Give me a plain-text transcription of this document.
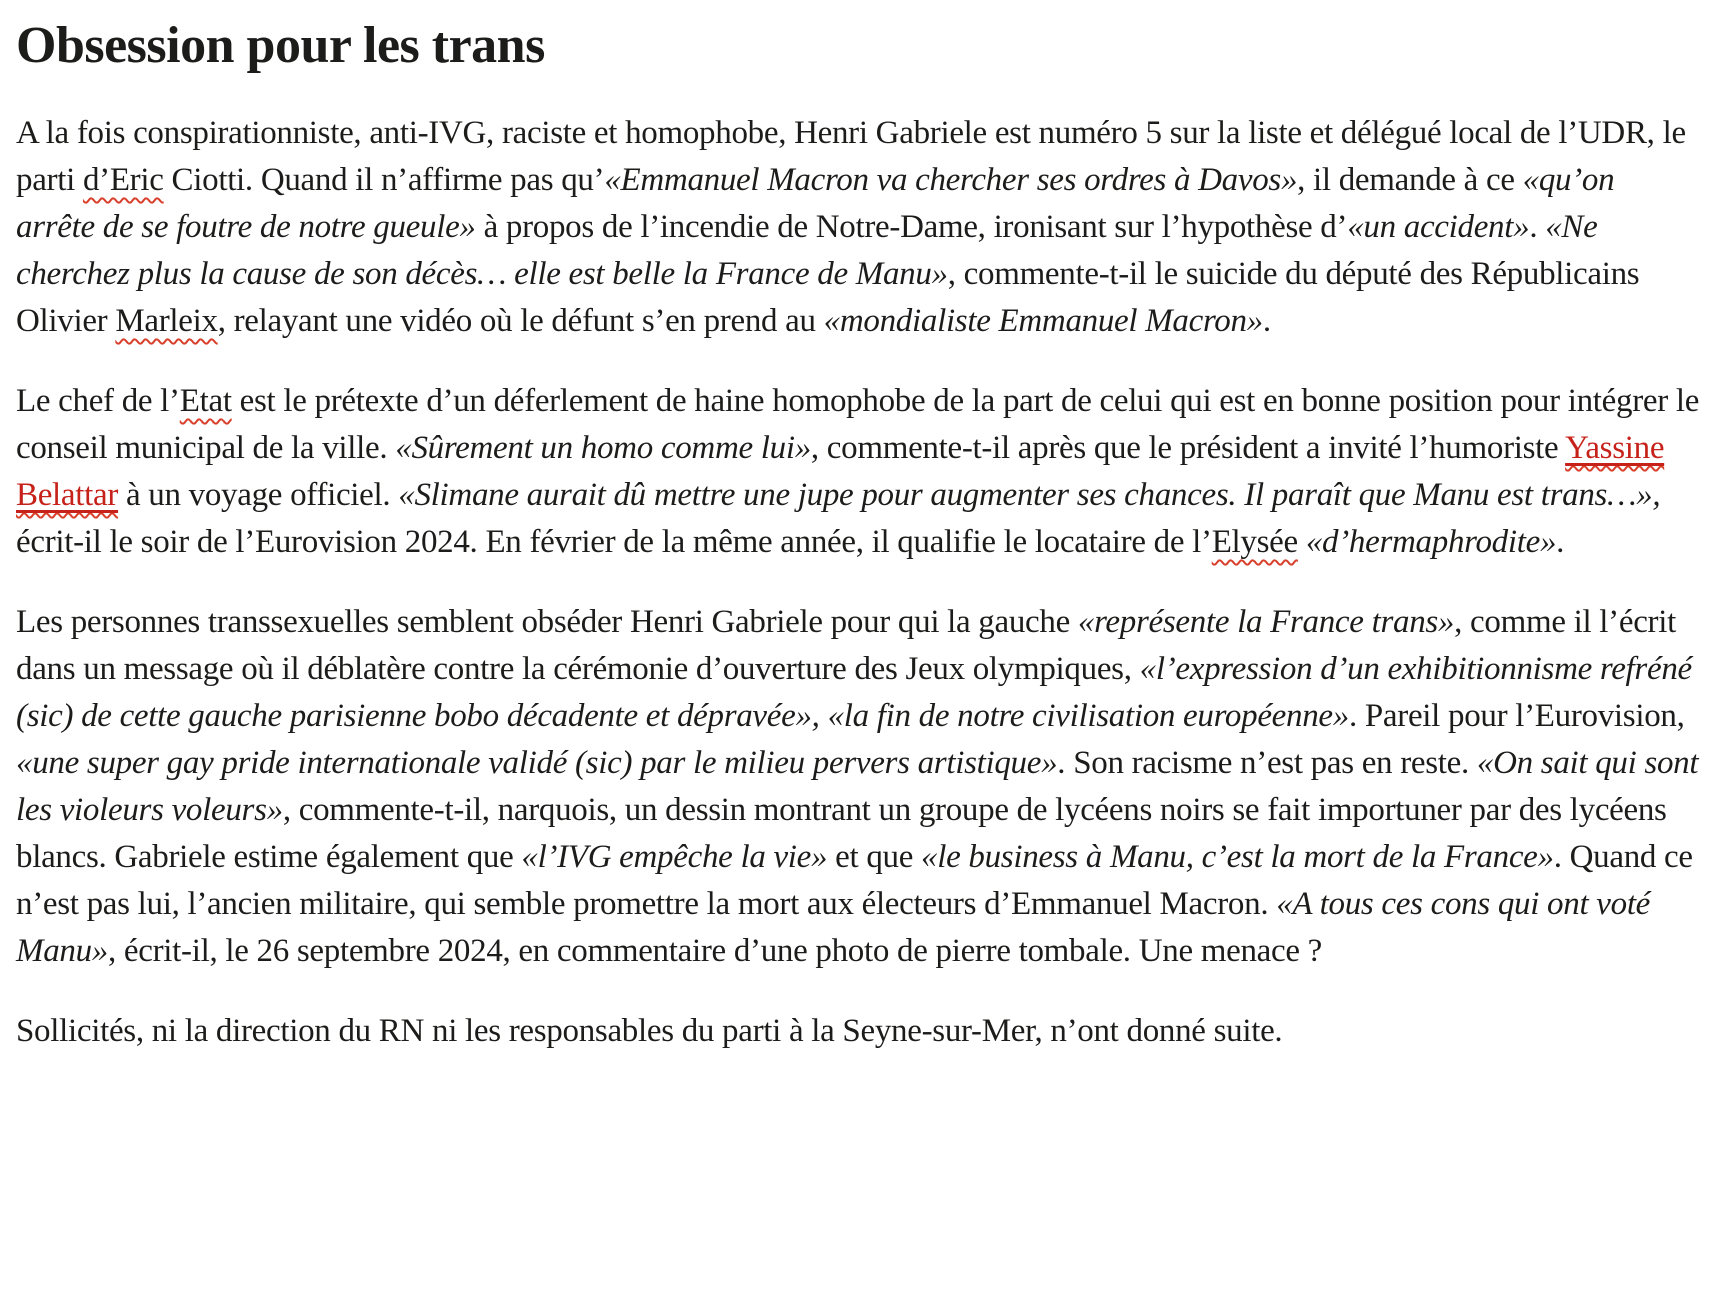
Obsession pour les trans

A la fois conspirationniste, anti-IVG, raciste et homophobe, Henri Gabriele est numéro 5 sur la liste et délégué local de l’UDR, le parti d’Eric Ciotti. Quand il n’affirme pas qu’«Emmanuel Macron va chercher ses ordres à Davos», il demande à ce «qu’on arrête de se foutre de notre gueule» à propos de l’incendie de Notre-Dame, ironisant sur l’hypothèse d’«un accident». «Ne cherchez plus la cause de son décès… elle est belle la France de Manu», commente-t-il le suicide du député des Républicains Olivier Marleix, relayant une vidéo où le défunt s’en prend au «mondialiste Emmanuel Macron».

Le chef de l’Etat est le prétexte d’un déferlement de haine homophobe de la part de celui qui est en bonne position pour intégrer le conseil municipal de la ville. «Sûrement un homo comme lui», commente-t-il après que le président a invité l’humoriste Yassine Belattar à un voyage officiel. «Slimane aurait dû mettre une jupe pour augmenter ses chances. Il paraît que Manu est trans…», écrit-il le soir de l’Eurovision 2024. En février de la même année, il qualifie le locataire de l’Elysée «d’hermaphrodite».

Les personnes transsexuelles semblent obséder Henri Gabriele pour qui la gauche «représente la France trans», comme il l’écrit dans un message où il déblatère contre la cérémonie d’ouverture des Jeux olympiques, «l’expression d’un exhibitionnisme refréné (sic) de cette gauche parisienne bobo décadente et dépravée», «la fin de notre civilisation européenne». Pareil pour l’Eurovision, «une super gay pride internationale validé (sic) par le milieu pervers artistique». Son racisme n’est pas en reste. «On sait qui sont les violeurs voleurs», commente-t-il, narquois, un dessin montrant un groupe de lycéens noirs se fait importuner par des lycéens blancs. Gabriele estime également que «l’IVG empêche la vie» et que «le business à Manu, c’est la mort de la France». Quand ce n’est pas lui, l’ancien militaire, qui semble promettre la mort aux électeurs d’Emmanuel Macron. «A tous ces cons qui ont voté Manu», écrit-il, le 26 septembre 2024, en commentaire d’une photo de pierre tombale. Une menace ?

Sollicités, ni la direction du RN ni les responsables du parti à la Seyne-sur-Mer, n’ont donné suite.
